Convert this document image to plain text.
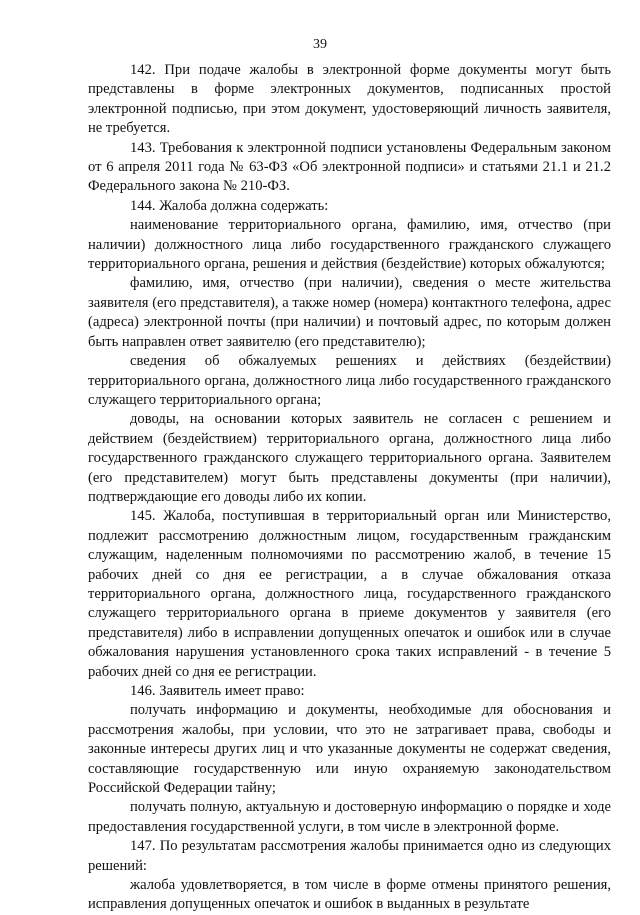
39

142. При подаче жалобы в электронной форме документы могут быть представлены в форме электронных документов, подписанных простой электронной подписью, при этом документ, удостоверяющий личность заявителя, не требуется.

143. Требования к электронной подписи установлены Федеральным законом от 6 апреля 2011 года № 63-ФЗ «Об электронной подписи» и статьями 21.1 и 21.2 Федерального закона № 210-ФЗ.

144. Жалоба должна содержать:

наименование территориального органа, фамилию, имя, отчество (при наличии) должностного лица либо государственного гражданского служащего территориального органа, решения и действия (бездействие) которых обжалуются;

фамилию, имя, отчество (при наличии), сведения о месте жительства заявителя (его представителя), а также номер (номера) контактного телефона, адрес (адреса) электронной почты (при наличии) и почтовый адрес, по которым должен быть направлен ответ заявителю (его представителю);

сведения об обжалуемых решениях и действиях (бездействии) территориального органа, должностного лица либо государственного гражданского служащего территориального органа;

доводы, на основании которых заявитель не согласен с решением и действием (бездействием) территориального органа, должностного лица либо государственного гражданского служащего территориального органа. Заявителем (его представителем) могут быть представлены документы (при наличии), подтверждающие его доводы либо их копии.

145. Жалоба, поступившая в территориальный орган или Министерство, подлежит рассмотрению должностным лицом, государственным гражданским служащим, наделенным полномочиями по рассмотрению жалоб, в течение 15 рабочих дней со дня ее регистрации, а в случае обжалования отказа территориального органа, должностного лица, государственного гражданского служащего территориального органа в приеме документов у заявителя (его представителя) либо в исправлении допущенных опечаток и ошибок или в случае обжалования нарушения установленного срока таких исправлений - в течение 5 рабочих дней со дня ее регистрации.

146. Заявитель имеет право:

получать информацию и документы, необходимые для обоснования и рассмотрения жалобы, при условии, что это не затрагивает права, свободы и законные интересы других лиц и что указанные документы не содержат сведения, составляющие государственную или иную охраняемую законодательством Российской Федерации тайну;

получать полную, актуальную и достоверную информацию о порядке и ходе предоставления государственной услуги, в том числе в электронной форме.

147. По результатам рассмотрения жалобы принимается одно из следующих решений:

жалоба удовлетворяется, в том числе в форме отмены принятого решения, исправления допущенных опечаток и ошибок в выданных в результате
